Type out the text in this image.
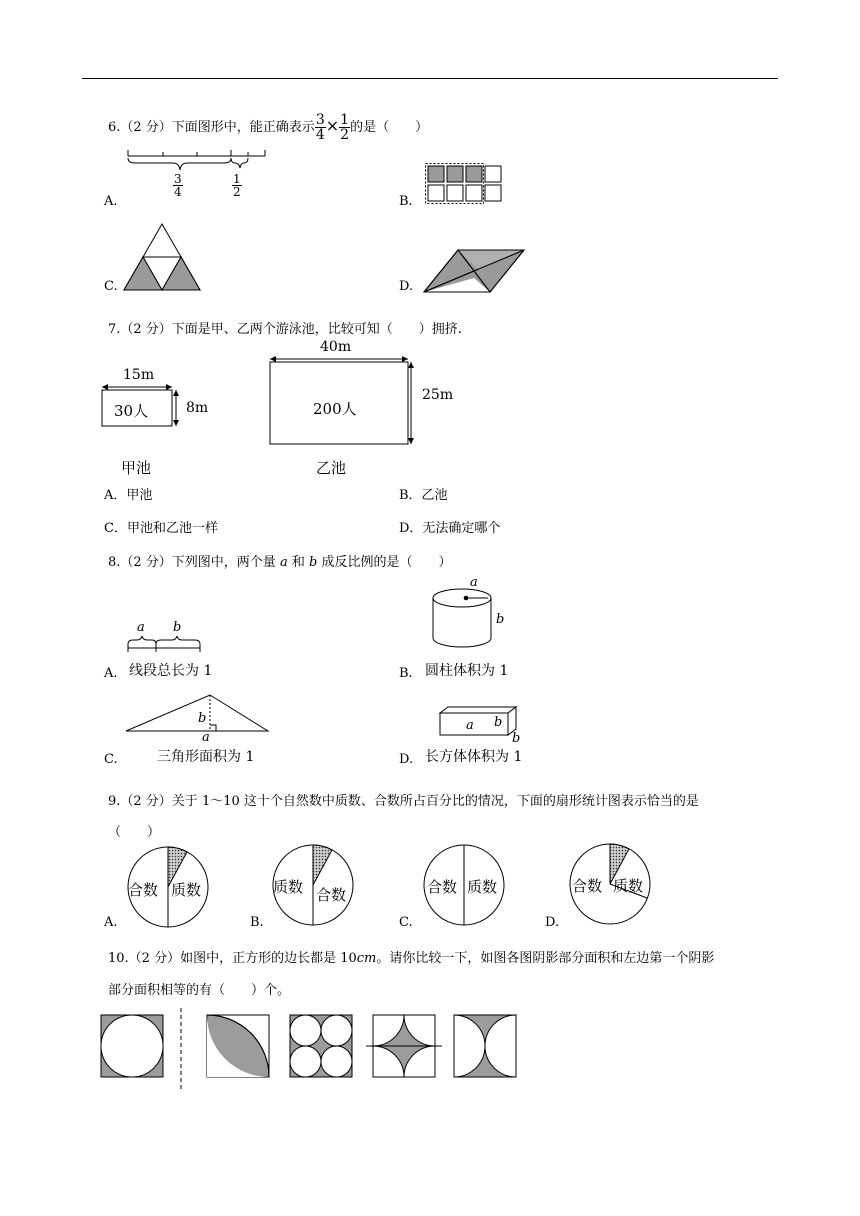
6.（2 分）下面图形中，能正确表示 $\frac{3}{4} \times \frac{1}{2}$ 的是（　　）
A.
$\frac{3}{4}$	$\frac{1}{2}$
B.
C.	D.
7.（2 分）下面是甲、乙两个游泳池，比较可知（　　）拥挤.
15m
8m
30人
甲池
40m
25m
200人
乙池
A．甲池	B．乙池
C．甲池和乙池一样	D．无法确定哪个
8.（2 分）下列图中，两个量 a 和 b 成反比例的是（　　）
A.
a b
线段总长为 1	B.
a
b
圆柱体积为 1
C.
b
a
三角形面积为 1	D.
a b
b
长方体体积为 1
9.（2 分）关于 1～10 这十个自然数中质数、合数所占百分比的情况，下面的扇形统计图表示恰当的是
（　　）
合数 质数	质数 合数	合数 质数	合数 质数
A.	B.	C.	D.
10.（2 分）如图中，正方形的边长都是 10cm。请你比较一下，如图各图阴影部分面积和左边第一个阴影
部分面积相等的有（　　）个。
